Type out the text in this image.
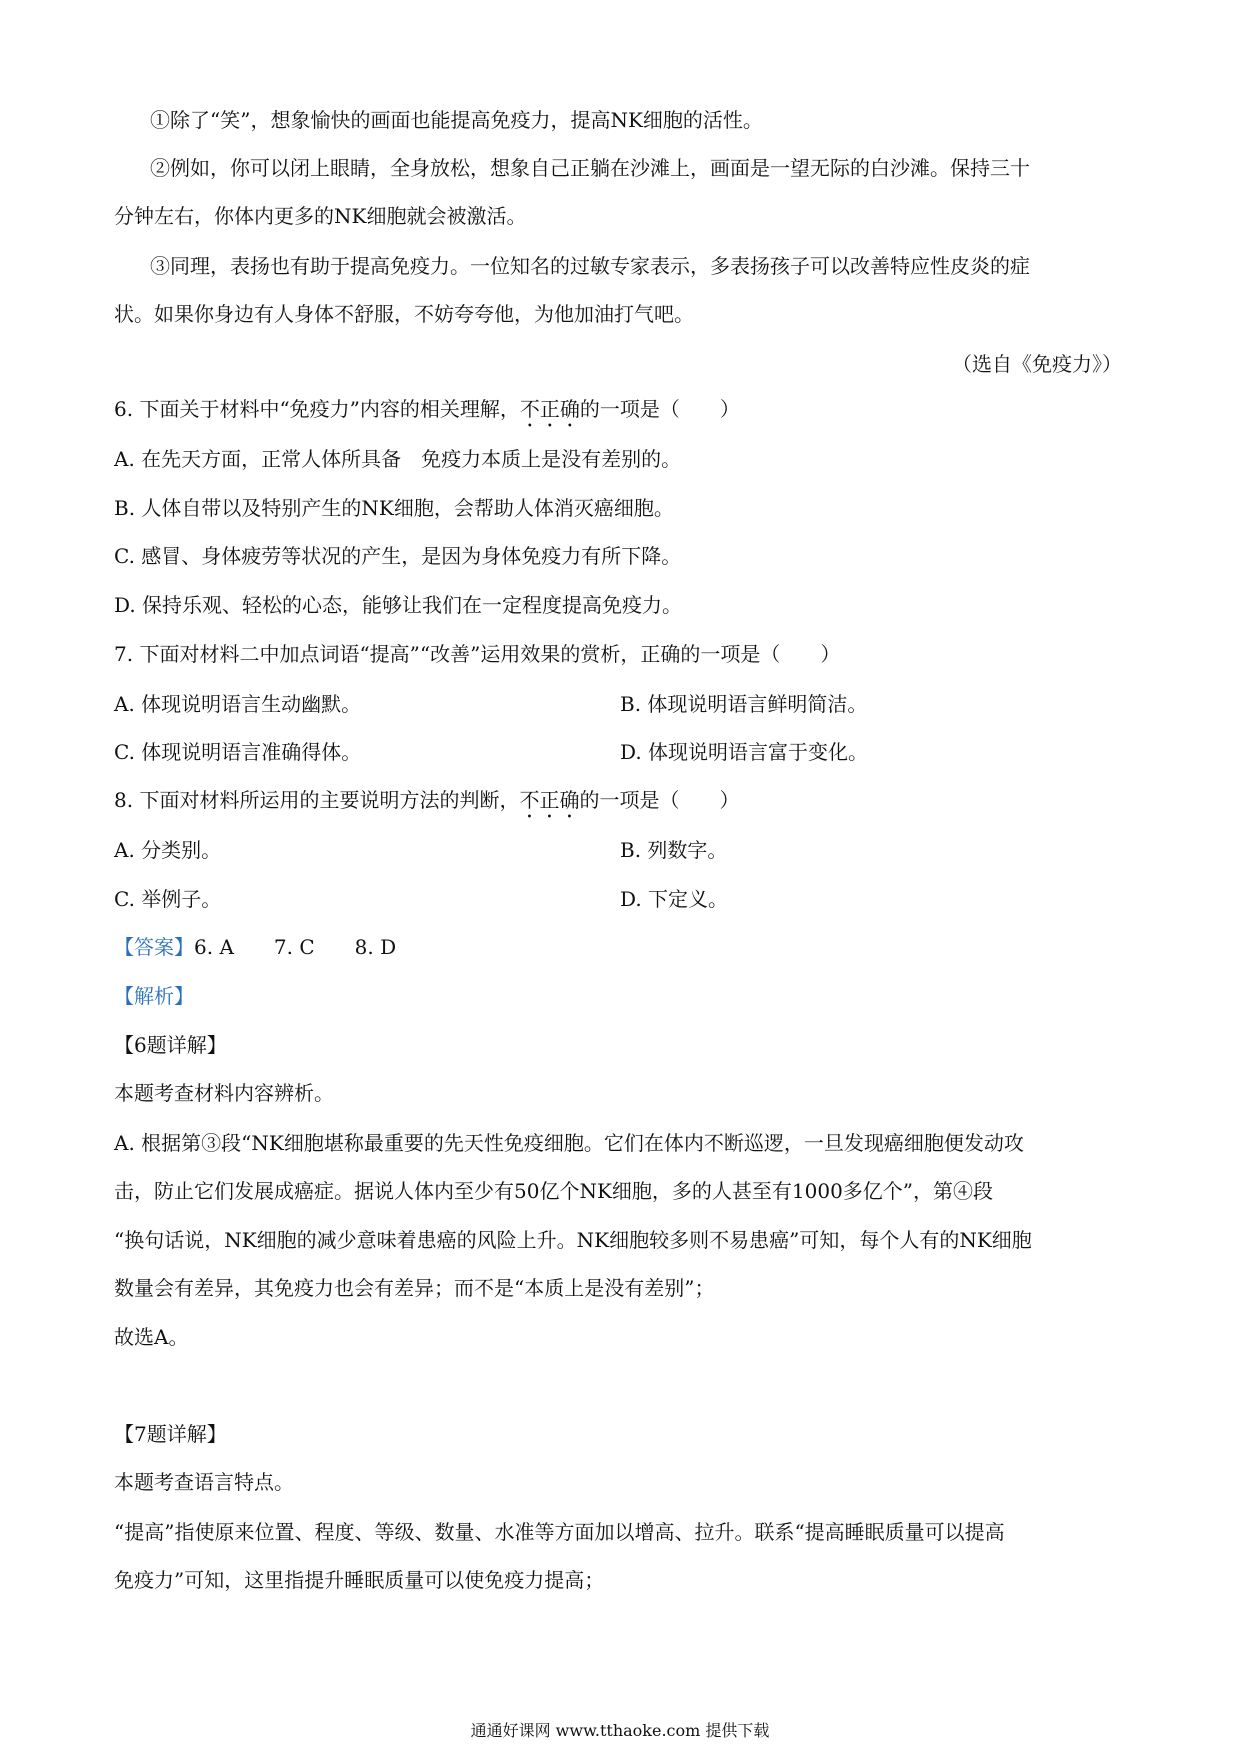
①除了“笑”，想象愉快的画面也能提高免疫力，提高NK细胞的活性。
②例如，你可以闭上眼睛，全身放松，想象自己正躺在沙滩上，画面是一望无际的白沙滩。保持三十
分钟左右，你体内更多的NK细胞就会被激活。
③同理，表扬也有助于提高免疫力。一位知名的过敏专家表示，多表扬孩子可以改善特应性皮炎的症
状。如果你身边有人身体不舒服，不妨夸夸他，为他加油打气吧。
（选自《免疫力》）
6. 下面关于材料中“免疫力”内容的相关理解，不正确的一项是（　　）
A. 在先天方面，正常人体所具备　免疫力本质上是没有差别的。
B. 人体自带以及特别产生的NK细胞，会帮助人体消灭癌细胞。
C. 感冒、身体疲劳等状况的产生，是因为身体免疫力有所下降。
D. 保持乐观、轻松的心态，能够让我们在一定程度提高免疫力。
7. 下面对材料二中加点词语“提高”“改善”运用效果的赏析，正确的一项是（　　）
A. 体现说明语言生动幽默。	B. 体现说明语言鲜明简洁。
C. 体现说明语言准确得体。	D. 体现说明语言富于变化。
8. 下面对材料所运用的主要说明方法的判断，不正确的一项是（　　）
A. 分类别。	B. 列数字。
C. 举例子。	D. 下定义。
【答案】6. A　　7. C　　8. D
【解析】
【6题详解】
本题考查材料内容辨析。
A. 根据第③段“NK细胞堪称最重要的先天性免疫细胞。它们在体内不断巡逻，一旦发现癌细胞便发动攻
击，防止它们发展成癌症。据说人体内至少有50亿个NK细胞，多的人甚至有1000多亿个”，第④段
“换句话说，NK细胞的减少意味着患癌的风险上升。NK细胞较多则不易患癌”可知，每个人有的NK细胞
数量会有差异，其免疫力也会有差异；而不是“本质上是没有差别”；
故选A。
【7题详解】
本题考查语言特点。
“提高”指使原来位置、程度、等级、数量、水准等方面加以增高、拉升。联系“提高睡眠质量可以提高
免疫力”可知，这里指提升睡眠质量可以使免疫力提高；
通通好课网 www.tthaoke.com 提供下载
